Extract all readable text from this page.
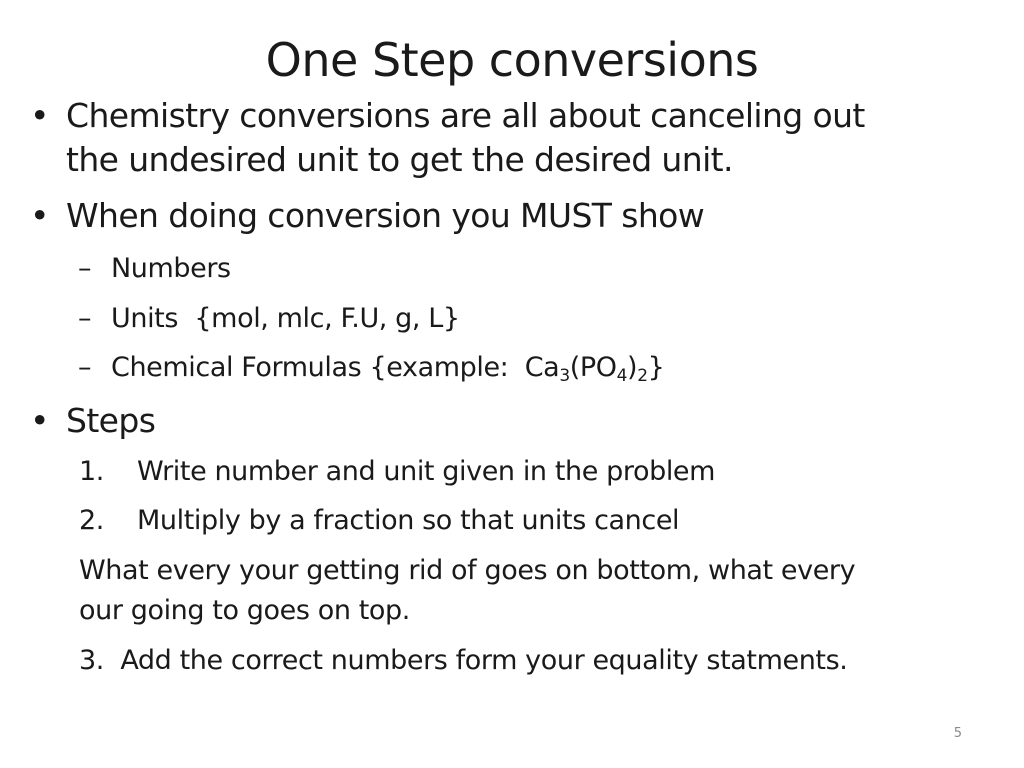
One Step conversions
• Chemistry conversions are all about canceling out
the undesired unit to get the desired unit.
• When doing conversion you MUST show
– Numbers
– Units  {mol, mlc, F.U, g, L}
– Chemical Formulas {example:  $Ca_3(PO_4)_2$}
• Steps
1. Write number and unit given in the problem
2. Multiply by a fraction so that units cancel
What every your getting rid of goes on bottom, what every
our going to goes on top.
3.  Add the correct numbers form your equality statments.
5
